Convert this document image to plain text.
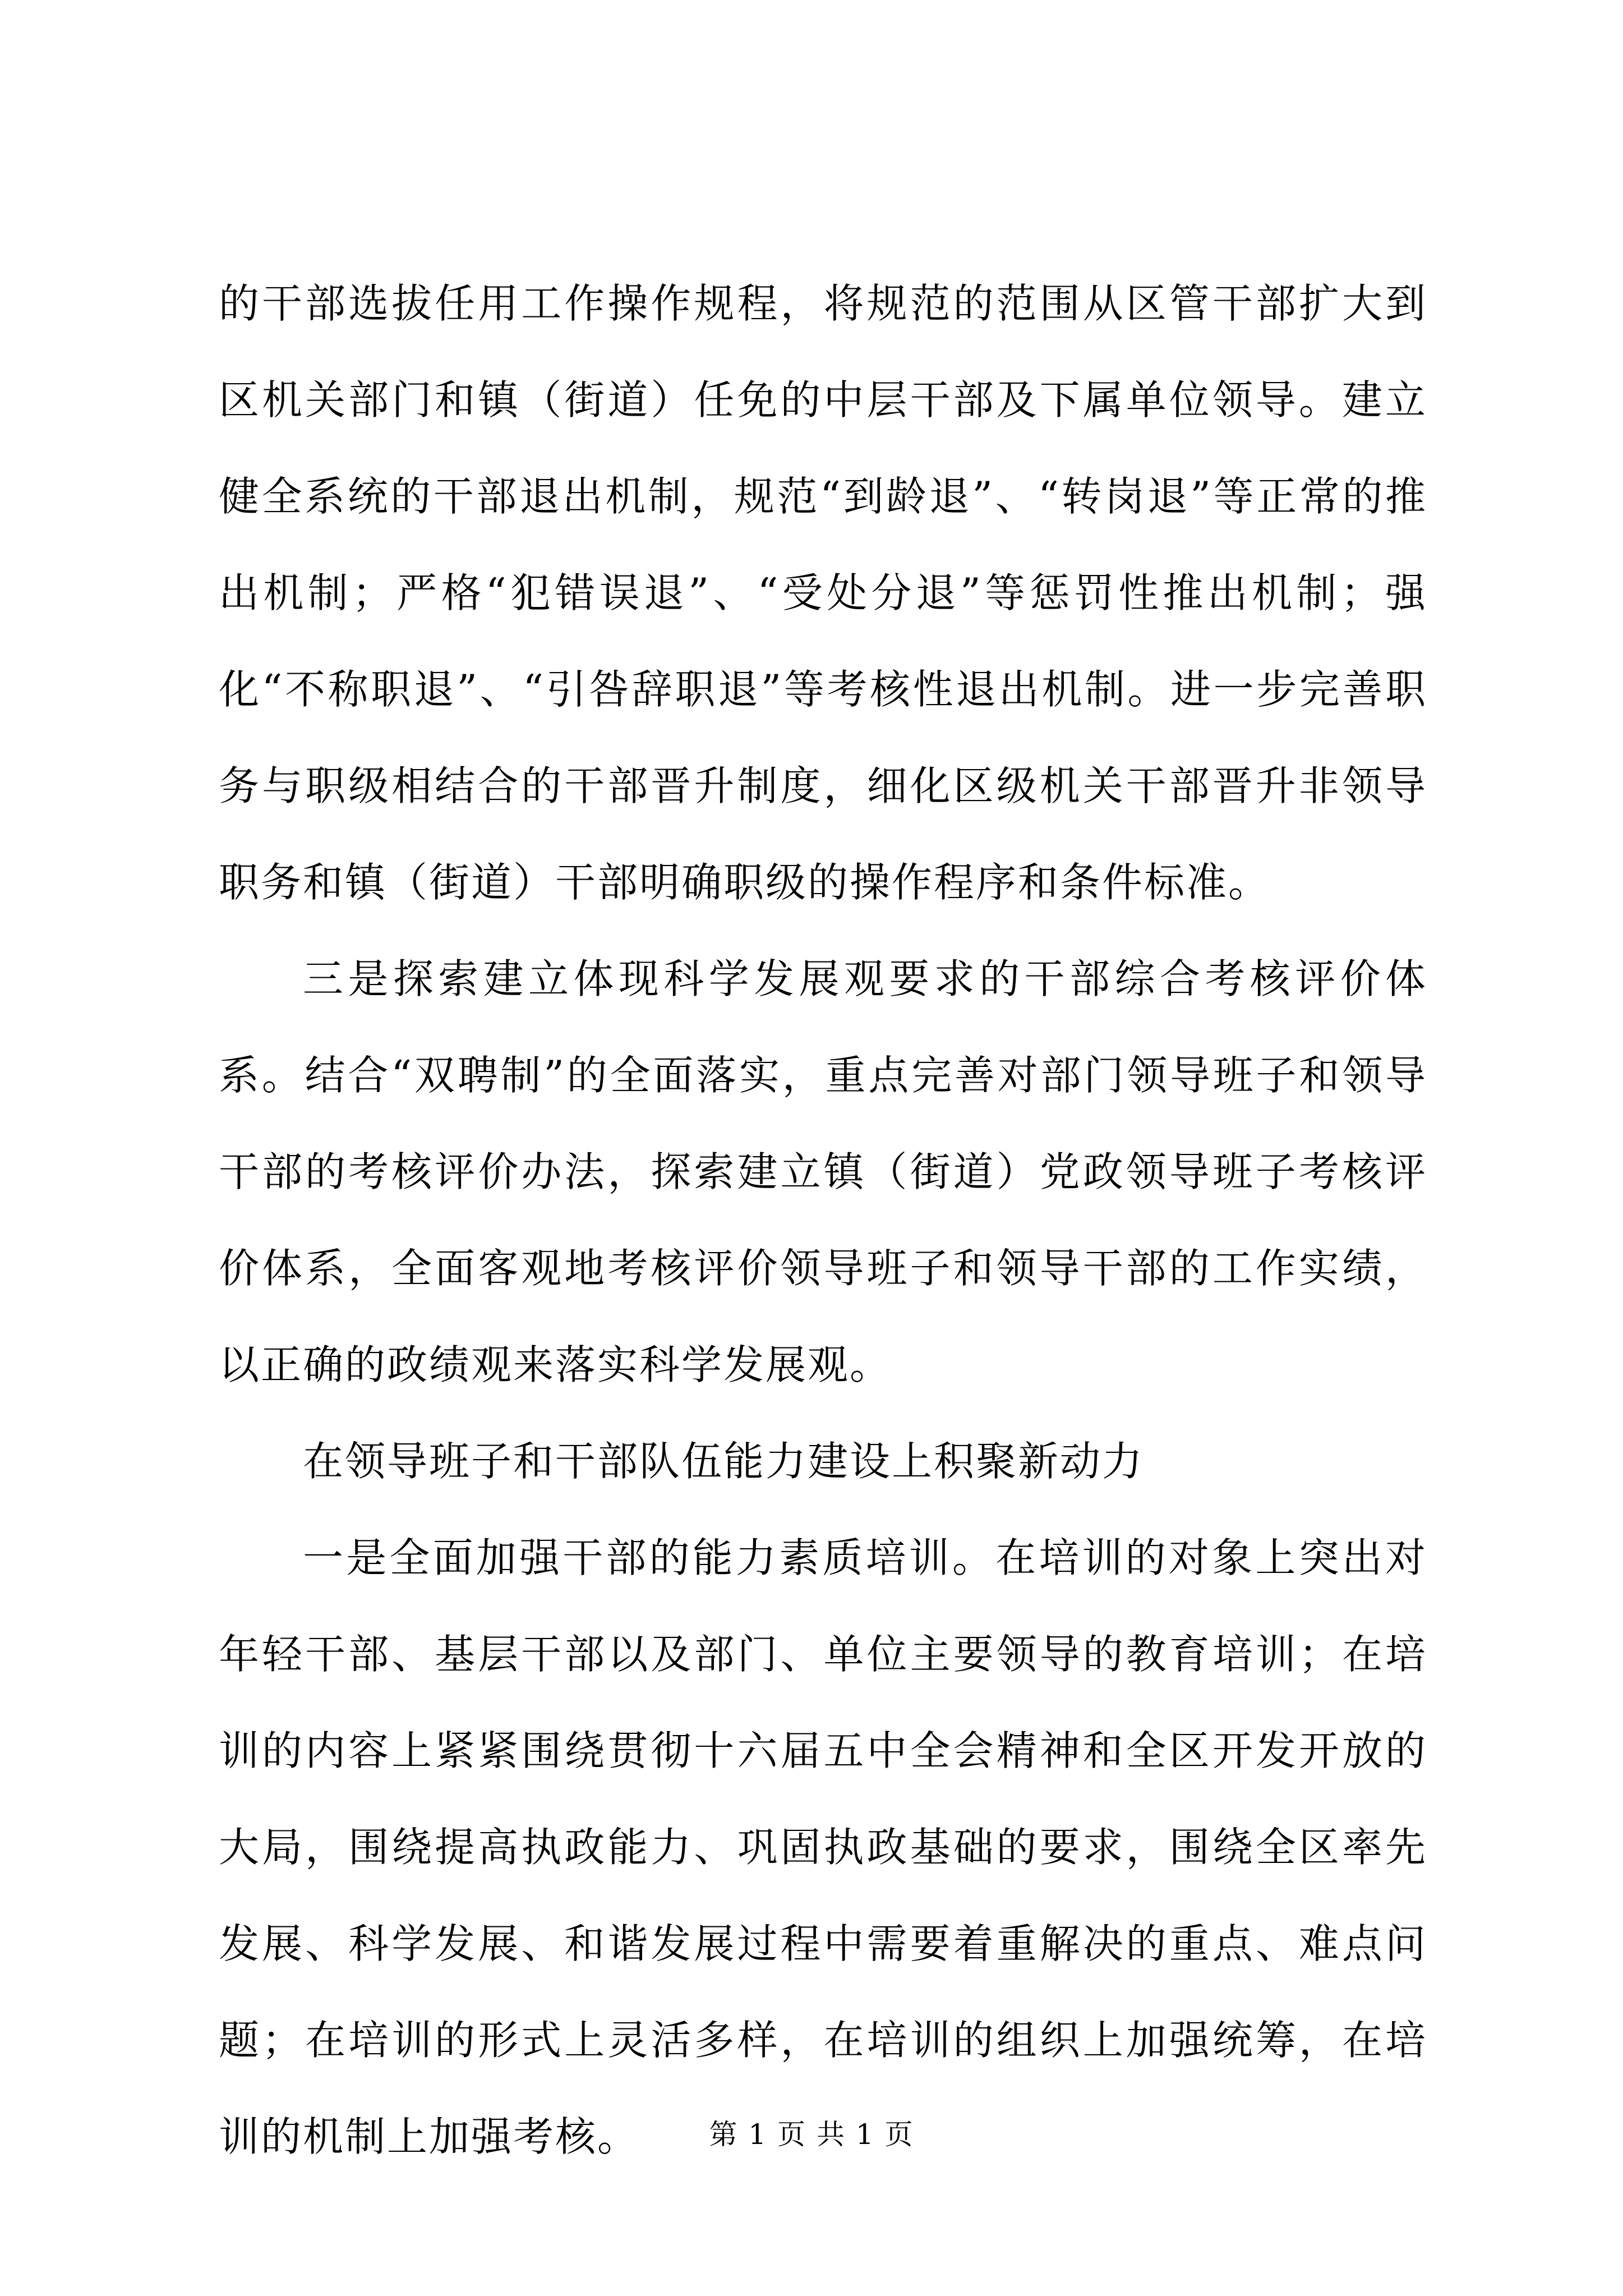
的干部选拔任用工作操作规程，将规范的范围从区管干部扩大到区机关部门和镇（街道）任免的中层干部及下属单位领导。建立健全系统的干部退出机制，规范“到龄退”、“转岗退”等正常的推出机制；严格“犯错误退”、“受处分退”等惩罚性推出机制；强化“不称职退”、“引咎辞职退”等考核性退出机制。进一步完善职务与职级相结合的干部晋升制度，细化区级机关干部晋升非领导职务和镇（街道）干部明确职级的操作程序和条件标准。

三是探索建立体现科学发展观要求的干部综合考核评价体系。结合“双聘制”的全面落实，重点完善对部门领导班子和领导干部的考核评价办法，探索建立镇（街道）党政领导班子考核评价体系，全面客观地考核评价领导班子和领导干部的工作实绩，以正确的政绩观来落实科学发展观。

在领导班子和干部队伍能力建设上积聚新动力

一是全面加强干部的能力素质培训。在培训的对象上突出对年轻干部、基层干部以及部门、单位主要领导的教育培训；在培训的内容上紧紧围绕贯彻十六届五中全会精神和全区开发开放的大局，围绕提高执政能力、巩固执政基础的要求，围绕全区率先发展、科学发展、和谐发展过程中需要着重解决的重点、难点问题；在培训的形式上灵活多样，在培训的组织上加强统筹，在培训的机制上加强考核。	第 1 页 共 1 页
